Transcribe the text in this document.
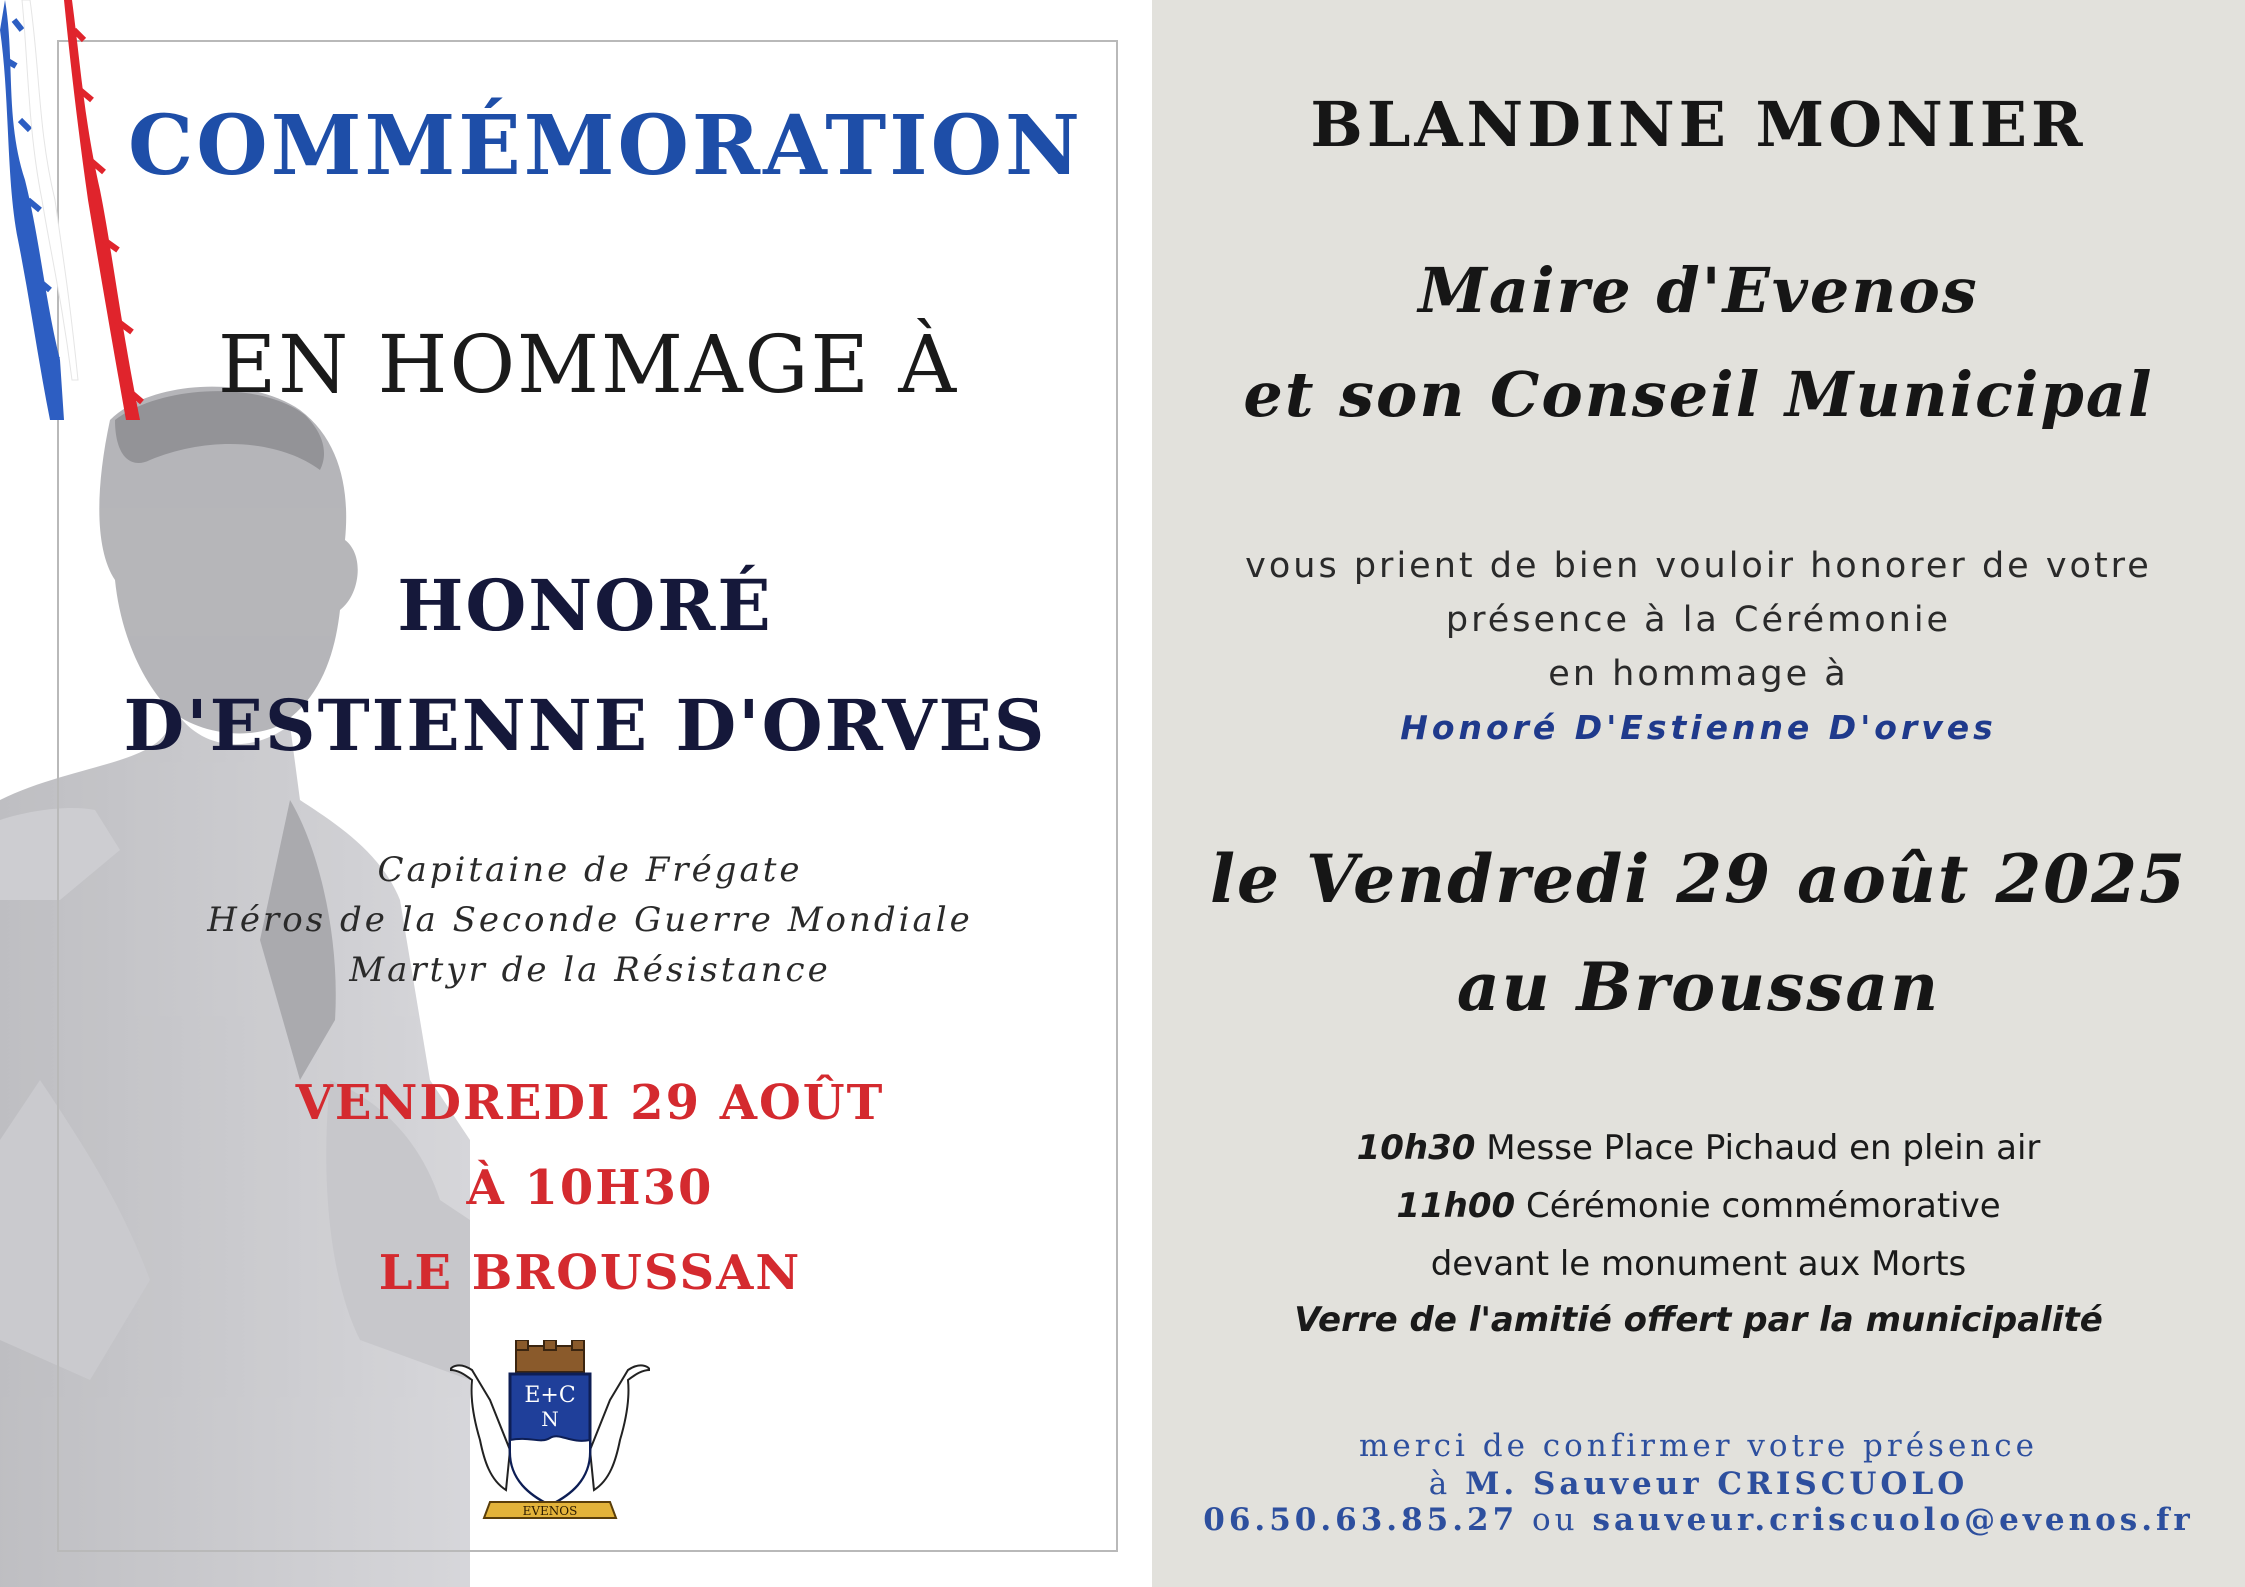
COMMÉMORATION
EN HOMMAGE À
HONORÉ
D'ESTIENNE D'ORVES
Capitaine de Frégate
Héros de la Seconde Guerre Mondiale
Martyr de la Résistance
VENDREDI 29 AOÛT
À 10H30
LE BROUSSAN
E+C
N
EVENOS
BLANDINE MONIER
Maire d'Evenos
et son Conseil Municipal
vous prient de bien vouloir honorer de votre
présence à la Cérémonie
en hommage à
Honoré D'Estienne D'orves
le Vendredi 29 août 2025
au Broussan
10h30 Messe Place Pichaud en plein air
11h00 Cérémonie commémorative
devant le monument aux Morts
Verre de l'amitié offert par la municipalité
merci de confirmer votre présence
à M. Sauveur CRISCUOLO
06.50.63.85.27 ou sauveur.criscuolo@evenos.fr
